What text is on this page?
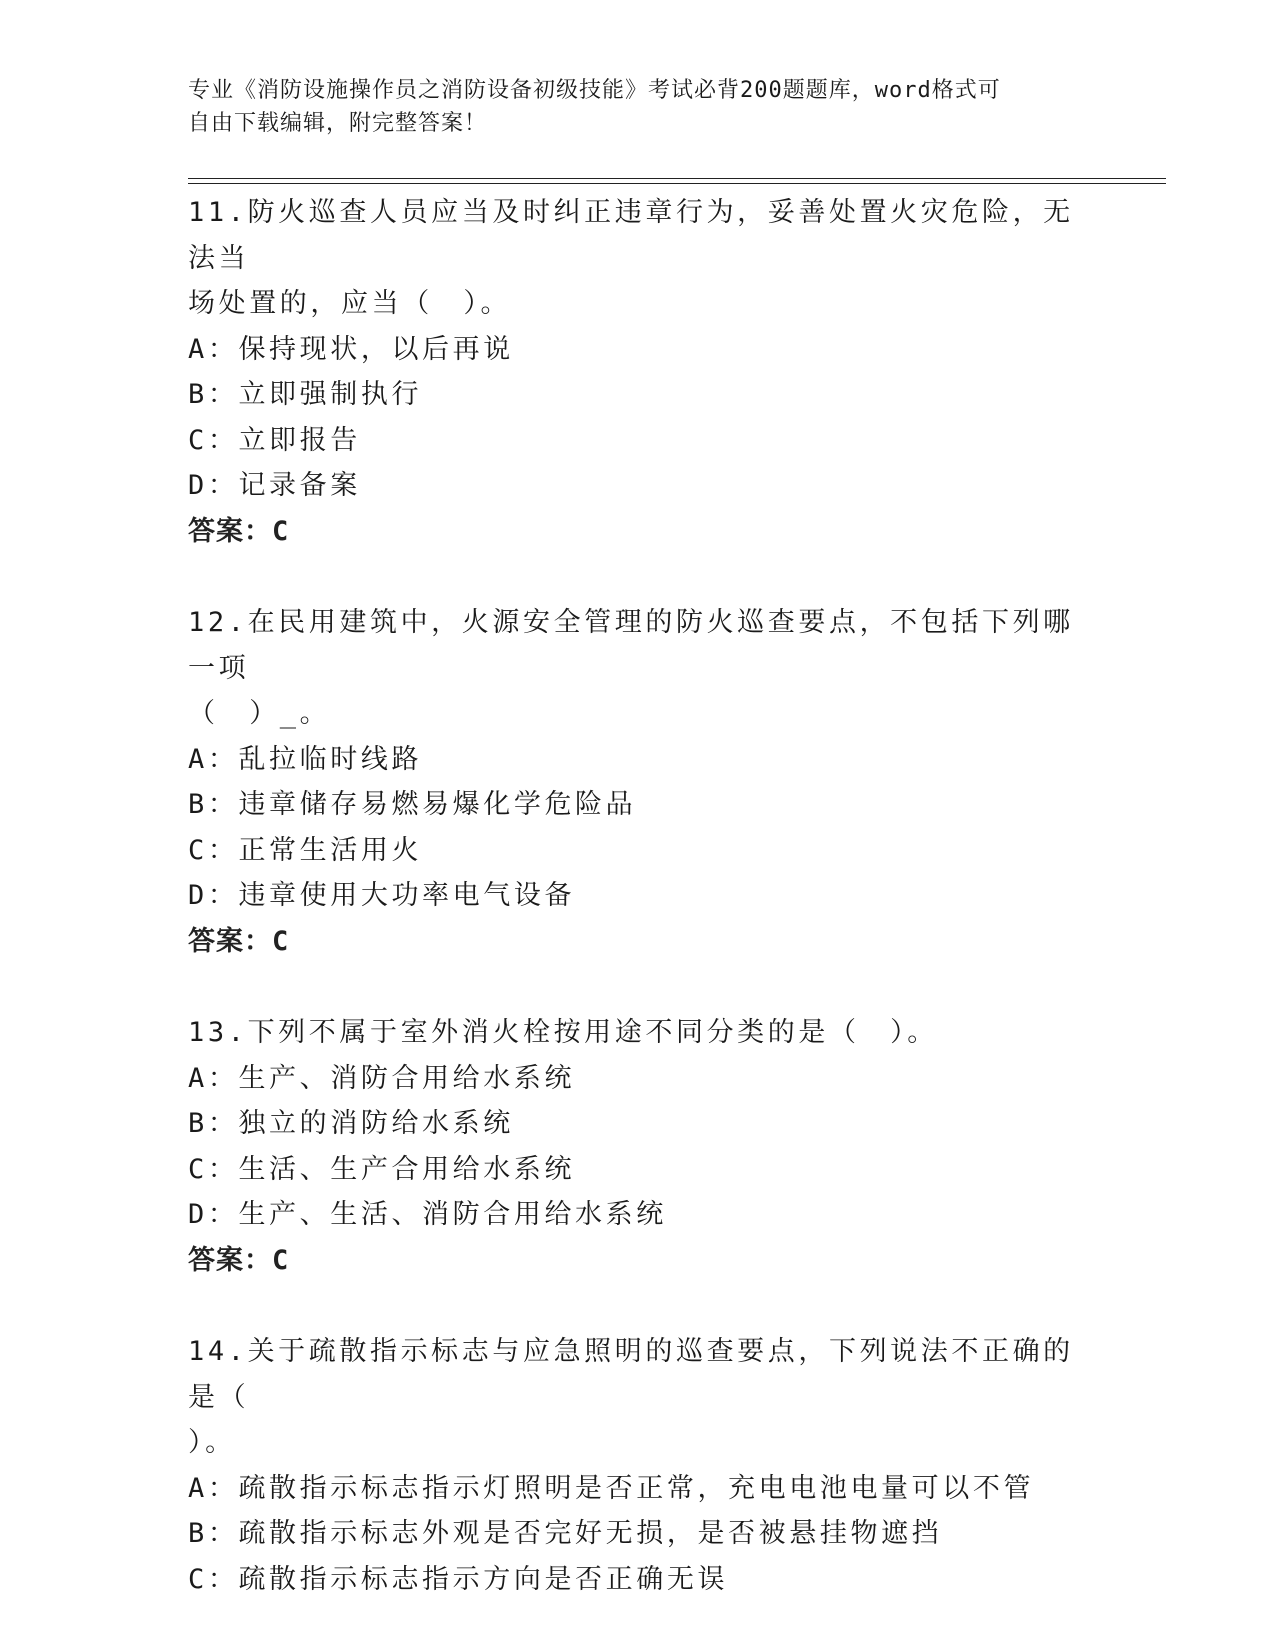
专业《消防设施操作员之消防设备初级技能》考试必背200题题库，word格式可
自由下载编辑，附完整答案！

11.防火巡查人员应当及时纠正违章行为，妥善处置火灾危险，无法当

场处置的，应当（　）。

A：保持现状，以后再说

B：立即强制执行

C：立即报告

D：记录备案

答案：C

12.在民用建筑中，火源安全管理的防火巡查要点，不包括下列哪一项

（　）_。

A：乱拉临时线路

B：违章储存易燃易爆化学危险品

C：正常生活用火

D：违章使用大功率电气设备

答案：C

13.下列不属于室外消火栓按用途不同分类的是（　）。

A：生产、消防合用给水系统

B：独立的消防给水系统

C：生活、生产合用给水系统

D：生产、生活、消防合用给水系统

答案：C

14.关于疏散指示标志与应急照明的巡查要点，下列说法不正确的是（

）。

A：疏散指示标志指示灯照明是否正常，充电电池电量可以不管

B：疏散指示标志外观是否完好无损，是否被悬挂物遮挡

C：疏散指示标志指示方向是否正确无误
